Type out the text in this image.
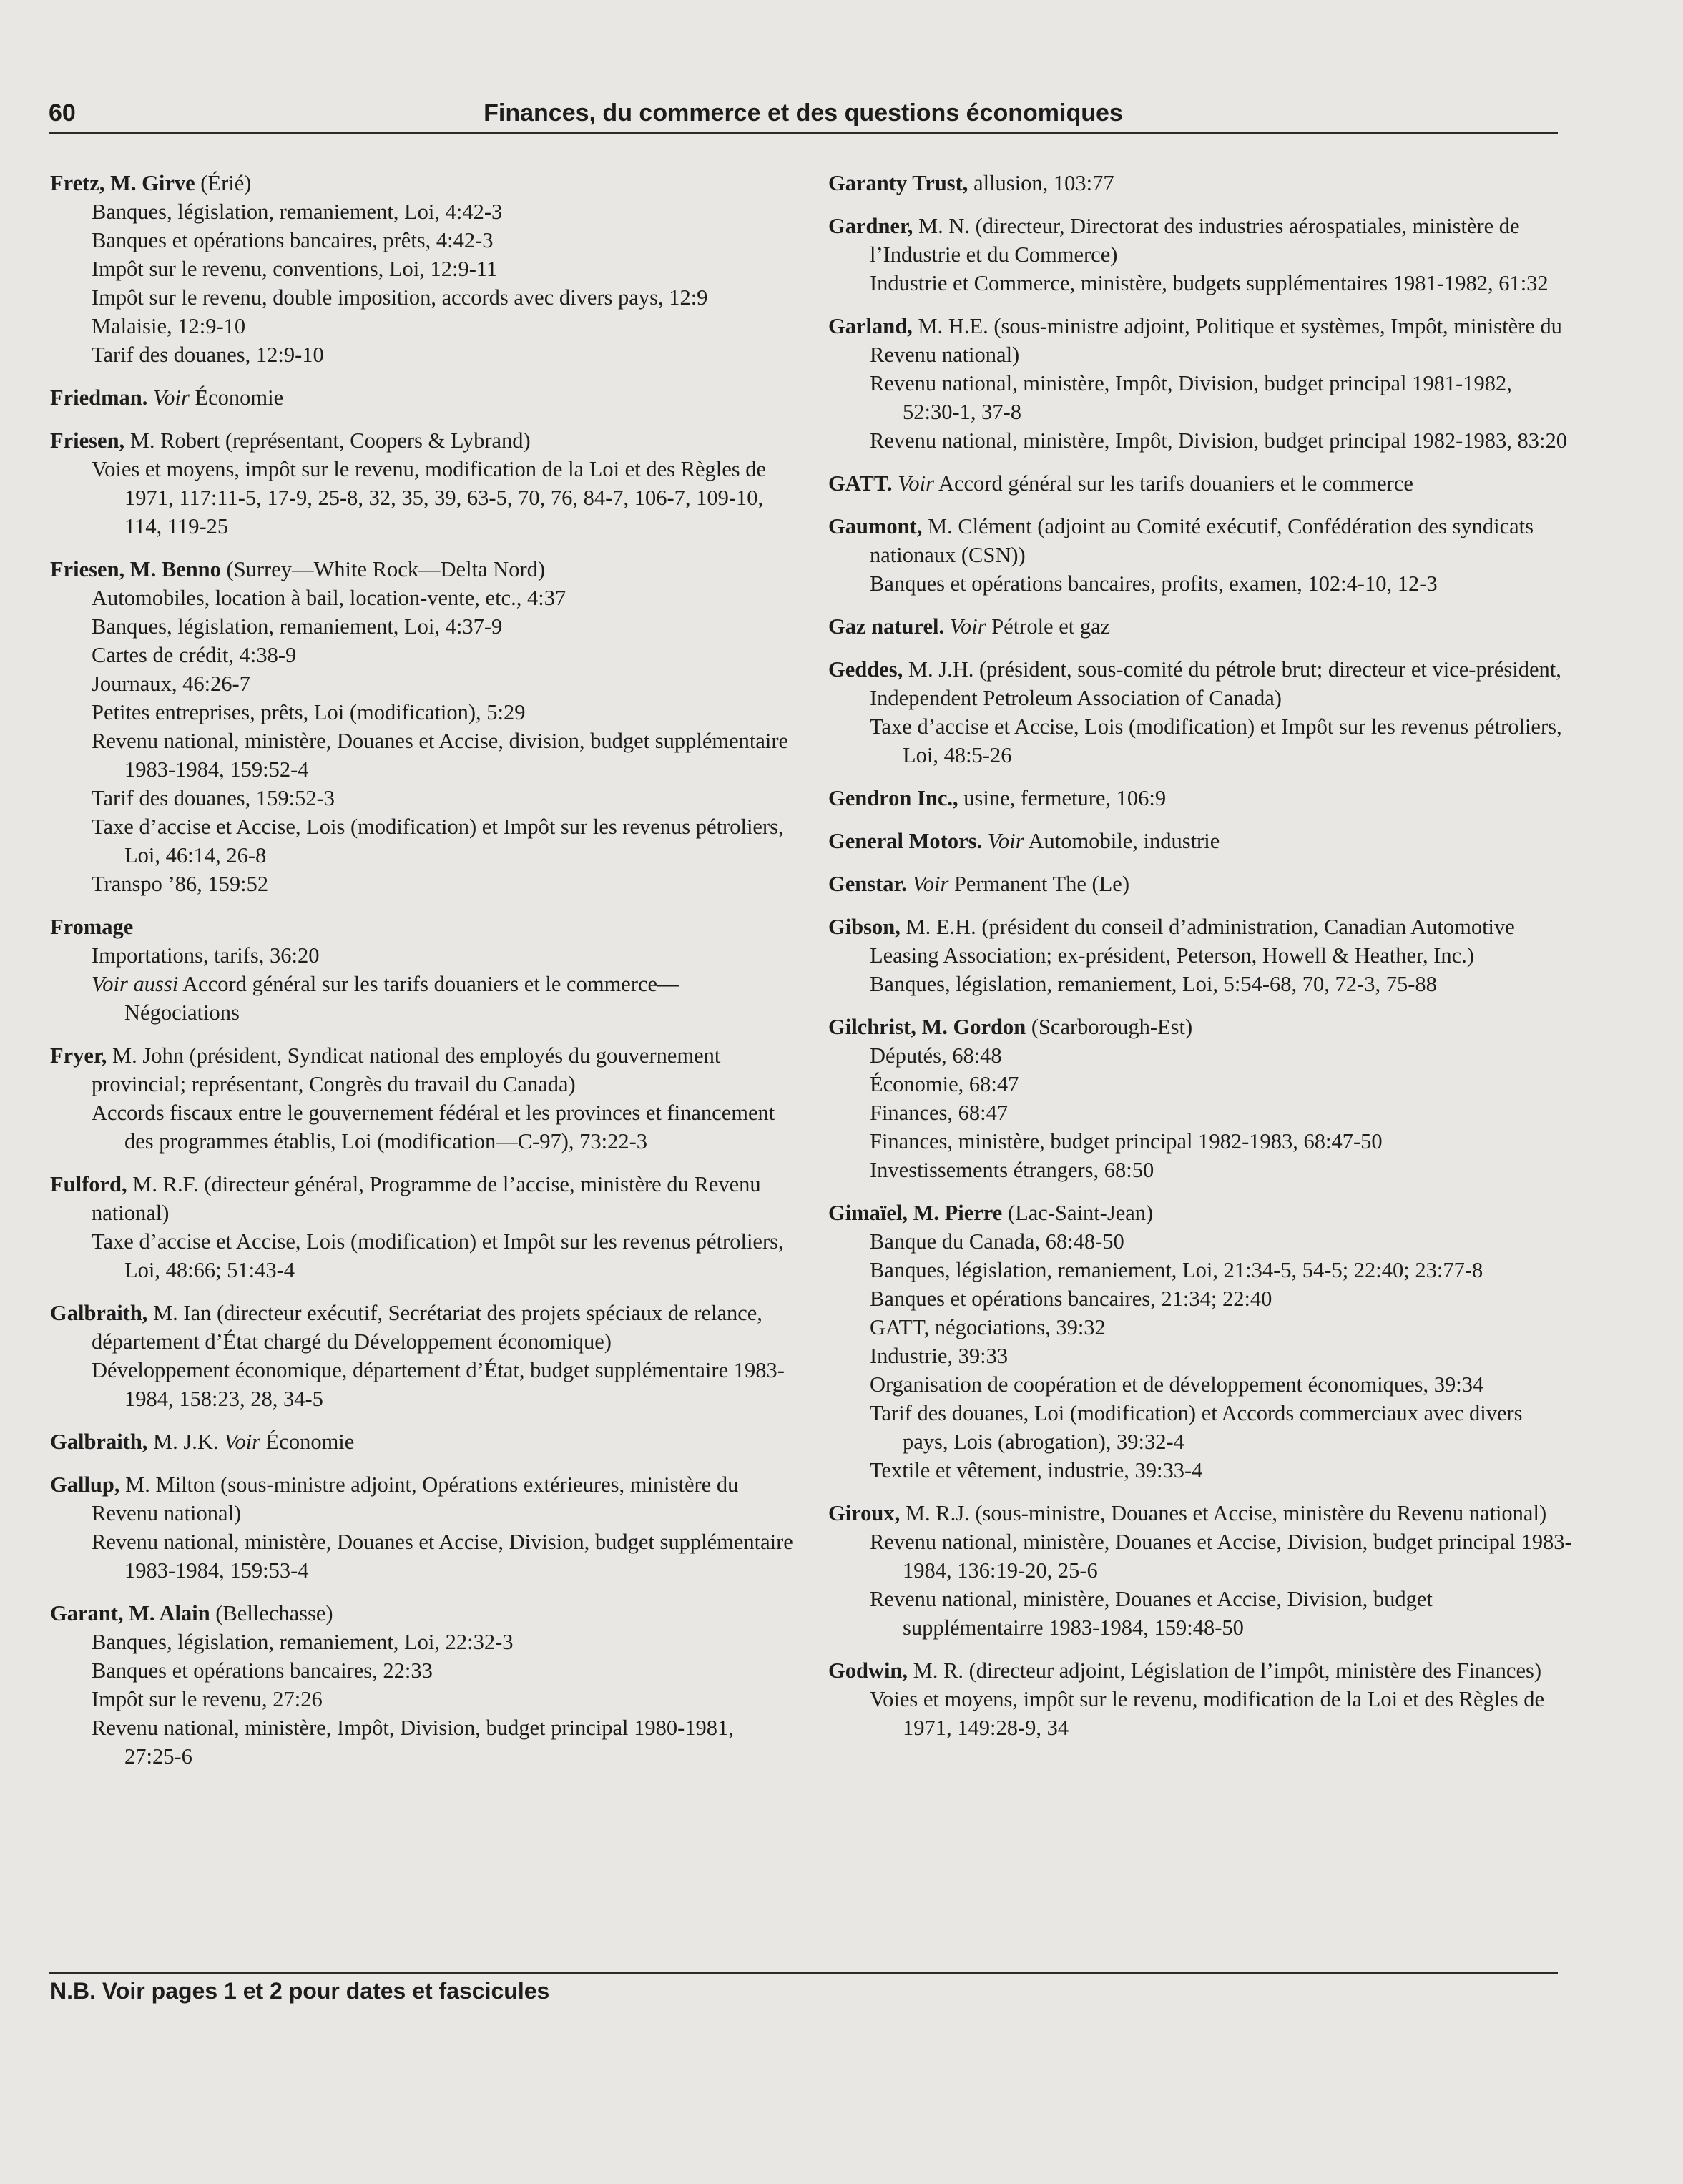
60	Finances, du commerce et des questions économiques
Fretz, M. Girve (Érié)
Banques, législation, remaniement, Loi, 4:42-3
Banques et opérations bancaires, prêts, 4:42-3
Impôt sur le revenu, conventions, Loi, 12:9-11
Impôt sur le revenu, double imposition, accords avec divers pays, 12:9
Malaisie, 12:9-10
Tarif des douanes, 12:9-10
Friedman. Voir Économie
Friesen, M. Robert (représentant, Coopers & Lybrand)
Voies et moyens, impôt sur le revenu, modification de la Loi et des Règles de 1971, 117:11-5, 17-9, 25-8, 32, 35, 39, 63-5, 70, 76, 84-7, 106-7, 109-10, 114, 119-25
Friesen, M. Benno (Surrey—White Rock—Delta Nord)
Automobiles, location à bail, location-vente, etc., 4:37
Banques, législation, remaniement, Loi, 4:37-9
Cartes de crédit, 4:38-9
Journaux, 46:26-7
Petites entreprises, prêts, Loi (modification), 5:29
Revenu national, ministère, Douanes et Accise, division, budget supplémentaire 1983-1984, 159:52-4
Tarif des douanes, 159:52-3
Taxe d’accise et Accise, Lois (modification) et Impôt sur les revenus pétroliers, Loi, 46:14, 26-8
Transpo ’86, 159:52
Fromage
Importations, tarifs, 36:20
Voir aussi Accord général sur les tarifs douaniers et le commerce—Négociations
Fryer, M. John (président, Syndicat national des employés du gouvernement provincial; représentant, Congrès du travail du Canada)
Accords fiscaux entre le gouvernement fédéral et les provinces et financement des programmes établis, Loi (modification—C-97), 73:22-3
Fulford, M. R.F. (directeur général, Programme de l’accise, ministère du Revenu national)
Taxe d’accise et Accise, Lois (modification) et Impôt sur les revenus pétroliers, Loi, 48:66; 51:43-4
Galbraith, M. Ian (directeur exécutif, Secrétariat des projets spéciaux de relance, département d’État chargé du Développement économique)
Développement économique, département d’État, budget supplémentaire 1983-1984, 158:23, 28, 34-5
Galbraith, M. J.K. Voir Économie
Gallup, M. Milton (sous-ministre adjoint, Opérations extérieures, ministère du Revenu national)
Revenu national, ministère, Douanes et Accise, Division, budget supplémentaire 1983-1984, 159:53-4
Garant, M. Alain (Bellechasse)
Banques, législation, remaniement, Loi, 22:32-3
Banques et opérations bancaires, 22:33
Impôt sur le revenu, 27:26
Revenu national, ministère, Impôt, Division, budget principal 1980-1981, 27:25-6
Garanty Trust, allusion, 103:77
Gardner, M. N. (directeur, Directorat des industries aérospatiales, ministère de l’Industrie et du Commerce)
Industrie et Commerce, ministère, budgets supplémentaires 1981-1982, 61:32
Garland, M. H.E. (sous-ministre adjoint, Politique et systèmes, Impôt, ministère du Revenu national)
Revenu national, ministère, Impôt, Division, budget principal 1981-1982, 52:30-1, 37-8
Revenu national, ministère, Impôt, Division, budget principal 1982-1983, 83:20
GATT. Voir Accord général sur les tarifs douaniers et le commerce
Gaumont, M. Clément (adjoint au Comité exécutif, Confédération des syndicats nationaux (CSN))
Banques et opérations bancaires, profits, examen, 102:4-10, 12-3
Gaz naturel. Voir Pétrole et gaz
Geddes, M. J.H. (président, sous-comité du pétrole brut; directeur et vice-président, Independent Petroleum Association of Canada)
Taxe d’accise et Accise, Lois (modification) et Impôt sur les revenus pétroliers, Loi, 48:5-26
Gendron Inc., usine, fermeture, 106:9
General Motors. Voir Automobile, industrie
Genstar. Voir Permanent The (Le)
Gibson, M. E.H. (président du conseil d’administration, Canadian Automotive Leasing Association; ex-président, Peterson, Howell & Heather, Inc.)
Banques, législation, remaniement, Loi, 5:54-68, 70, 72-3, 75-88
Gilchrist, M. Gordon (Scarborough-Est)
Députés, 68:48
Économie, 68:47
Finances, 68:47
Finances, ministère, budget principal 1982-1983, 68:47-50
Investissements étrangers, 68:50
Gimaïel, M. Pierre (Lac-Saint-Jean)
Banque du Canada, 68:48-50
Banques, législation, remaniement, Loi, 21:34-5, 54-5; 22:40; 23:77-8
Banques et opérations bancaires, 21:34; 22:40
GATT, négociations, 39:32
Industrie, 39:33
Organisation de coopération et de développement économiques, 39:34
Tarif des douanes, Loi (modification) et Accords commerciaux avec divers pays, Lois (abrogation), 39:32-4
Textile et vêtement, industrie, 39:33-4
Giroux, M. R.J. (sous-ministre, Douanes et Accise, ministère du Revenu national)
Revenu national, ministère, Douanes et Accise, Division, budget principal 1983-1984, 136:19-20, 25-6
Revenu national, ministère, Douanes et Accise, Division, budget supplémentairre 1983-1984, 159:48-50
Godwin, M. R. (directeur adjoint, Législation de l’impôt, ministère des Finances)
Voies et moyens, impôt sur le revenu, modification de la Loi et des Règles de 1971, 149:28-9, 34
N.B. Voir pages 1 et 2 pour dates et fascicules
